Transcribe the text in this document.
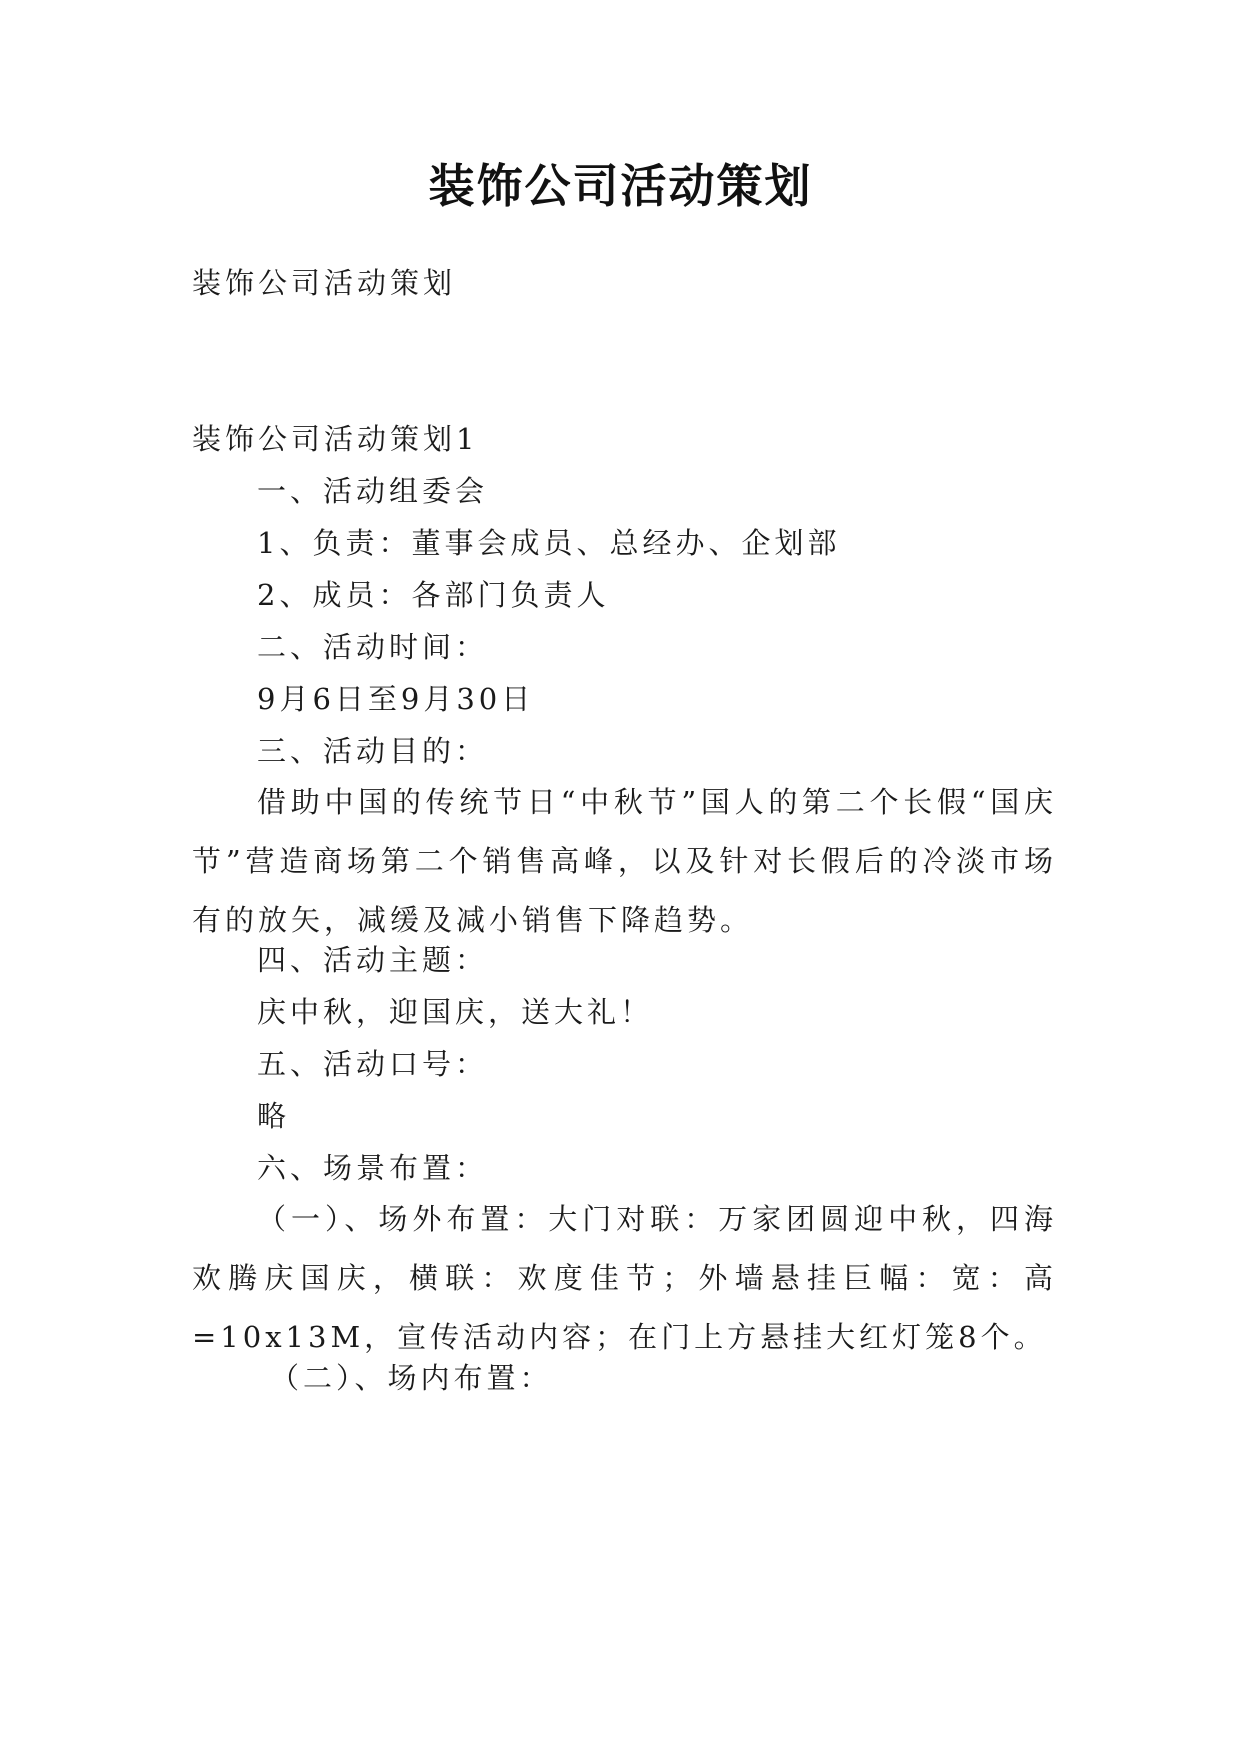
装饰公司活动策划
装饰公司活动策划
装饰公司活动策划1
一、活动组委会
1、负责：董事会成员、总经办、企划部
2、成员：各部门负责人
二、活动时间：
9月6日至9月30日
三、活动目的：
借助中国的传统节日“中秋节”国人的第二个长假“国庆节”营造商场第二个销售高峰，以及针对长假后的冷淡市场有的放矢，减缓及减小销售下降趋势。
四、活动主题：
庆中秋，迎国庆，送大礼！
五、活动口号：
略
六、场景布置：
（一）、场外布置：大门对联：万家团圆迎中秋，四海欢腾庆国庆，横联：欢度佳节；外墙悬挂巨幅：宽：高=10x13M，宣传活动内容；在门上方悬挂大红灯笼8个。
（二）、场内布置：
